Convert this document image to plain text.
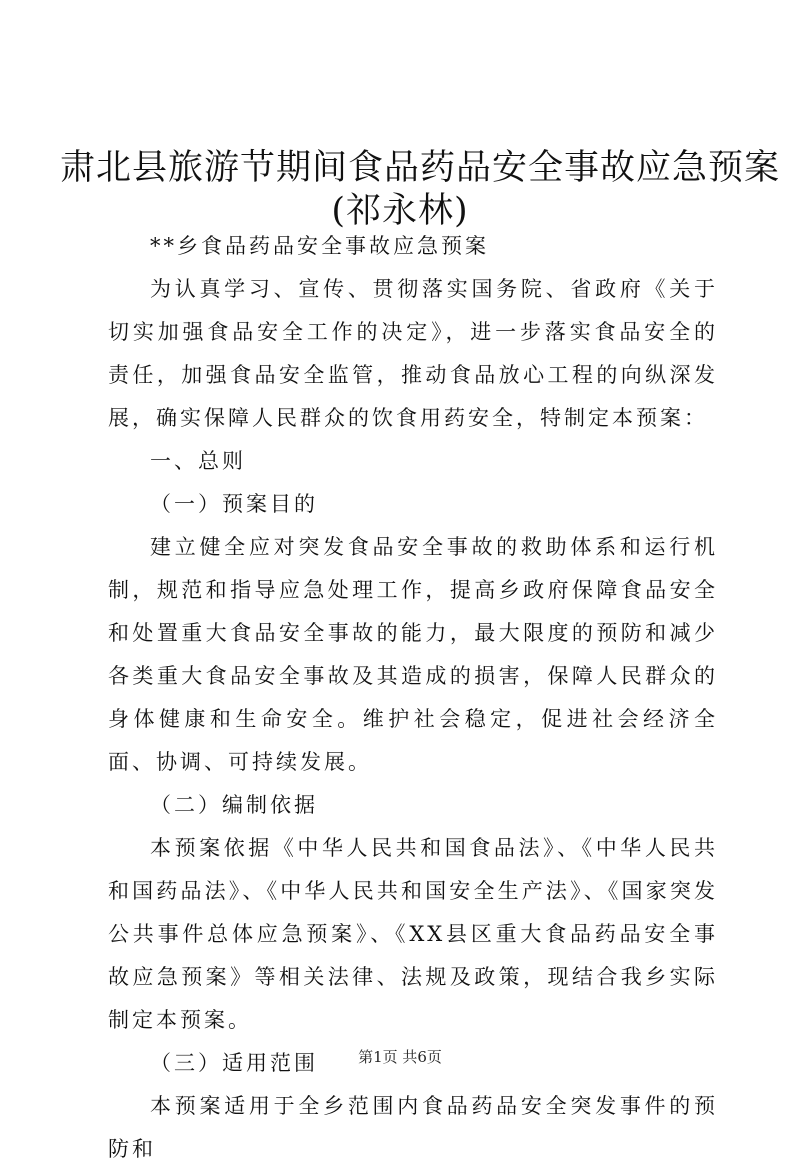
肃北县旅游节期间食品药品安全事故应急预案
(祁永林)

**乡食品药品安全事故应急预案

为认真学习、宣传、贯彻落实国务院、省政府《关于切实加强食品安全工作的决定》，进一步落实食品安全的责任，加强食品安全监管，推动食品放心工程的向纵深发展，确实保障人民群众的饮食用药安全，特制定本预案：

一、总则

（一）预案目的

建立健全应对突发食品安全事故的救助体系和运行机制，规范和指导应急处理工作，提高乡政府保障食品安全和处置重大食品安全事故的能力，最大限度的预防和减少各类重大食品安全事故及其造成的损害，保障人民群众的身体健康和生命安全。维护社会稳定，促进社会经济全面、协调、可持续发展。

（二）编制依据

本预案依据《中华人民共和国食品法》、《中华人民共和国药品法》、《中华人民共和国安全生产法》、《国家突发公共事件总体应急预案》、《XX县区重大食品药品安全事故应急预案》等相关法律、法规及政策，现结合我乡实际制定本预案。

（三）适用范围

本预案适用于全乡范围内食品药品安全突发事件的预防和

第1页 共6页
